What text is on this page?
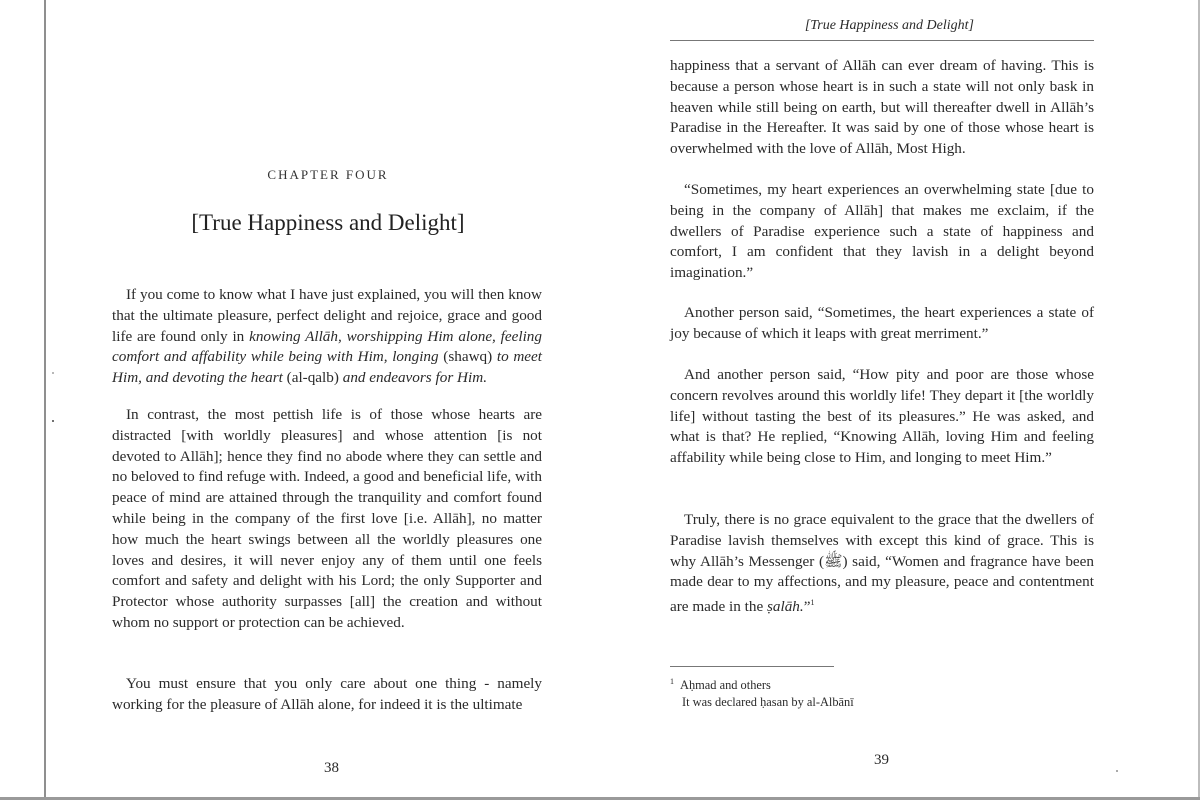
CHAPTER FOUR
[True Happiness and Delight]

If you come to know what I have just explained, you will then know that the ultimate pleasure, perfect delight and rejoice, grace and good life are found only in knowing Allāh, worshipping Him alone, feeling comfort and affability while being with Him, longing (shawq) to meet Him, and devoting the heart (al-qalb) and endeavors for Him.

In contrast, the most pettish life is of those whose hearts are distracted [with worldly pleasures] and whose attention [is not devoted to Allāh]; hence they find no abode where they can settle and no beloved to find refuge with. Indeed, a good and beneficial life, with peace of mind are attained through the tranquility and comfort found while being in the company of the first love [i.e. Allāh], no matter how much the heart swings between all the worldly pleasures one loves and desires, it will never enjoy any of them until one feels comfort and safety and delight with his Lord; the only Supporter and Protector whose authority surpasses [all] the creation and without whom no support or protection can be achieved.

You must ensure that you only care about one thing - namely working for the pleasure of Allāh alone, for indeed it is the ultimate

38
[True Happiness and Delight]

happiness that a servant of Allāh can ever dream of having. This is because a person whose heart is in such a state will not only bask in heaven while still being on earth, but will thereafter dwell in Allāh’s Paradise in the Hereafter. It was said by one of those whose heart is overwhelmed with the love of Allāh, Most High.

“Sometimes, my heart experiences an overwhelming state [due to being in the company of Allāh] that makes me exclaim, if the dwellers of Paradise experience such a state of happiness and comfort, I am confident that they lavish in a delight beyond imagination.”

Another person said, “Sometimes, the heart experiences a state of joy because of which it leaps with great merriment.”

And another person said, “How pity and poor are those whose concern revolves around this worldly life! They depart it [the worldly life] without tasting the best of its pleasures.” He was asked, and what is that? He replied, “Knowing Allāh, loving Him and feeling affability while being close to Him, and longing to meet Him.”

Truly, there is no grace equivalent to the grace that the dwellers of Paradise lavish themselves with except this kind of grace. This is why Allāh’s Messenger (ﷺ) said, “Women and fragrance have been made dear to my affections, and my pleasure, peace and contentment are made in the ṣalāh.”$^1$

$^1$ Aḥmad and others
It was declared ḥasan by al-Albānī
39
